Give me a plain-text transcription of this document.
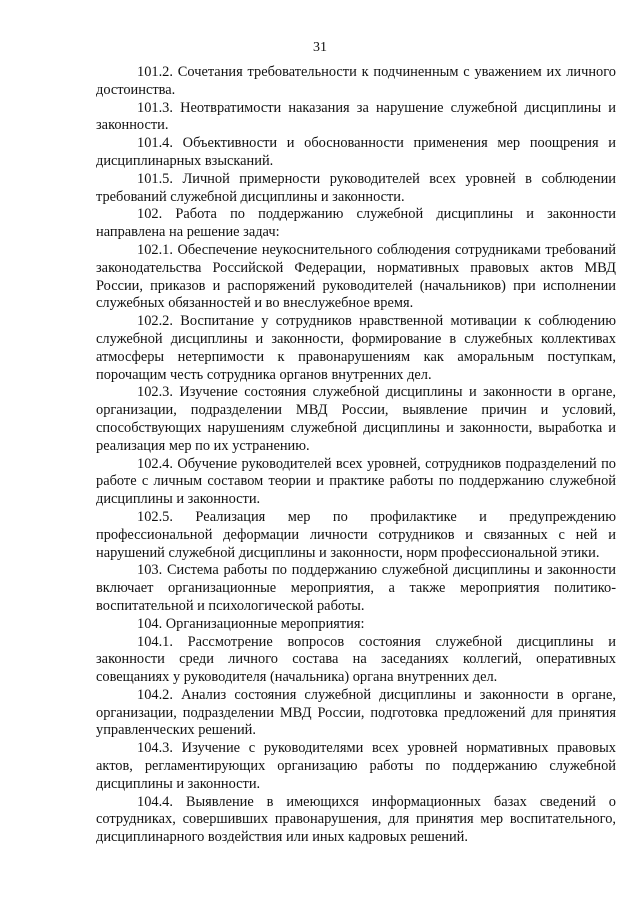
31

101.2. Сочетания требовательности к подчиненным с уважением их личного достоинства.

101.3. Неотвратимости наказания за нарушение служебной дисциплины и законности.

101.4. Объективности и обоснованности применения мер поощрения и дисциплинарных взысканий.

101.5. Личной примерности руководителей всех уровней в соблюдении требований служебной дисциплины и законности.

102. Работа по поддержанию служебной дисциплины и законности направлена на решение задач:

102.1. Обеспечение неукоснительного соблюдения сотрудниками требований законодательства Российской Федерации, нормативных правовых актов МВД России, приказов и распоряжений руководителей (начальников) при исполнении служебных обязанностей и во внеслужебное время.

102.2. Воспитание у сотрудников нравственной мотивации к соблюдению служебной дисциплины и законности, формирование в служебных коллективах атмосферы нетерпимости к правонарушениям как аморальным поступкам, порочащим честь сотрудника органов внутренних дел.

102.3. Изучение состояния служебной дисциплины и законности в органе, организации, подразделении МВД России, выявление причин и условий, способствующих нарушениям служебной дисциплины и законности, выработка и реализация мер по их устранению.

102.4. Обучение руководителей всех уровней, сотрудников подразделений по работе с личным составом теории и практике работы по поддержанию служебной дисциплины и законности.

102.5. Реализация мер по профилактике и предупреждению профессиональной деформации личности сотрудников и связанных с ней и нарушений служебной дисциплины и законности, норм профессиональной этики.

103. Система работы по поддержанию служебной дисциплины и законности включает организационные мероприятия, а также мероприятия политико-воспитательной и психологической работы.

104. Организационные мероприятия:

104.1. Рассмотрение вопросов состояния служебной дисциплины и законности среди личного состава на заседаниях коллегий, оперативных совещаниях у руководителя (начальника) органа внутренних дел.

104.2. Анализ состояния служебной дисциплины и законности в органе, организации, подразделении МВД России, подготовка предложений для принятия управленческих решений.

104.3. Изучение с руководителями всех уровней нормативных правовых актов, регламентирующих организацию работы по поддержанию служебной дисциплины и законности.

104.4. Выявление в имеющихся информационных базах сведений о сотрудниках, совершивших правонарушения, для принятия мер воспитательного, дисциплинарного воздействия или иных кадровых решений.
